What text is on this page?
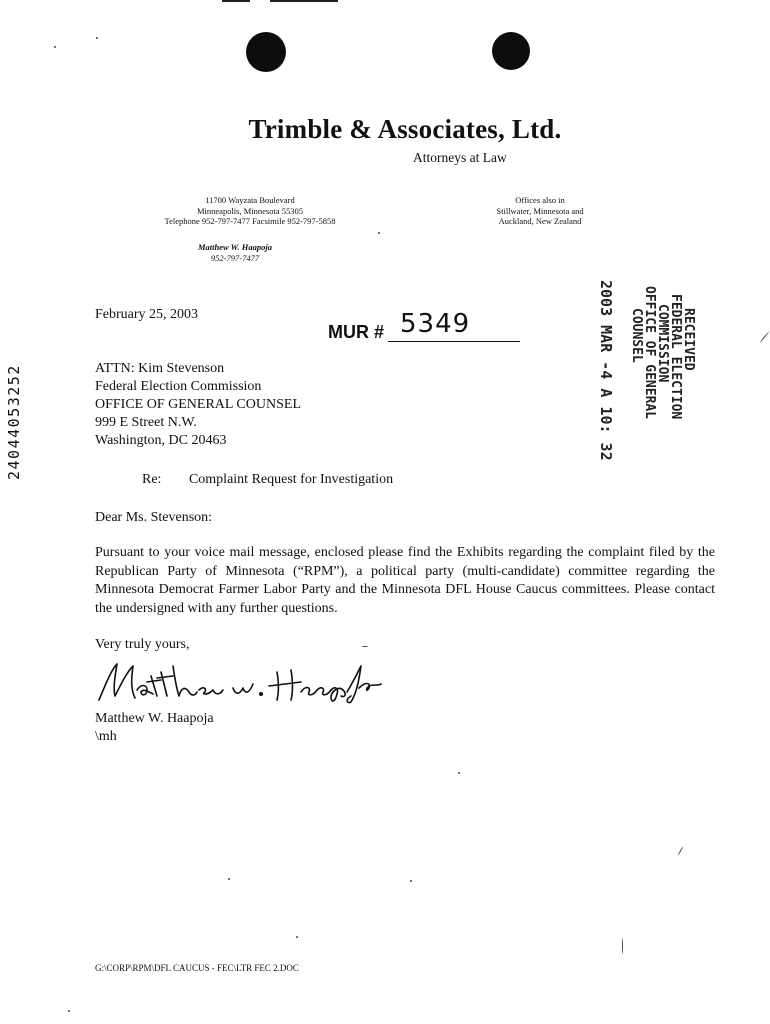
Trimble & Associates, Ltd.
Attorneys at Law
11700 Wayzata Boulevard
Minneapolis, Minnesota 55305
Telephone 952-797-7477 Facsimile 952-797-5858
Offices also in
Stillwater, Minnesota and
Auckland, New Zealand
Matthew W. Haapoja
952-797-7477
24044053252
February 25, 2003
MUR # 5349	RECEIVED
FEDERAL ELECTION
COMMISSION
OFFICE OF GENERAL
COUNSEL
2003 MAR -4 A 10: 32
ATTN: Kim Stevenson
Federal Election Commission
OFFICE OF GENERAL COUNSEL
999 E Street N.W.
Washington, DC 20463
Re: Complaint Request for Investigation
Dear Ms. Stevenson:
Pursuant to your voice mail message, enclosed please find the Exhibits regarding the complaint filed by the Republican Party of Minnesota (“RPM”), a political party (multi-candidate) committee regarding the Minnesota Democrat Farmer Labor Party and the Minnesota DFL House Caucus committees. Please contact the undersigned with any further questions.
Very truly yours,
Matthew W. Haapoja
\mh
G:\CORP\RPM\DFL CAUCUS - FEC\LTR FEC 2.DOC
